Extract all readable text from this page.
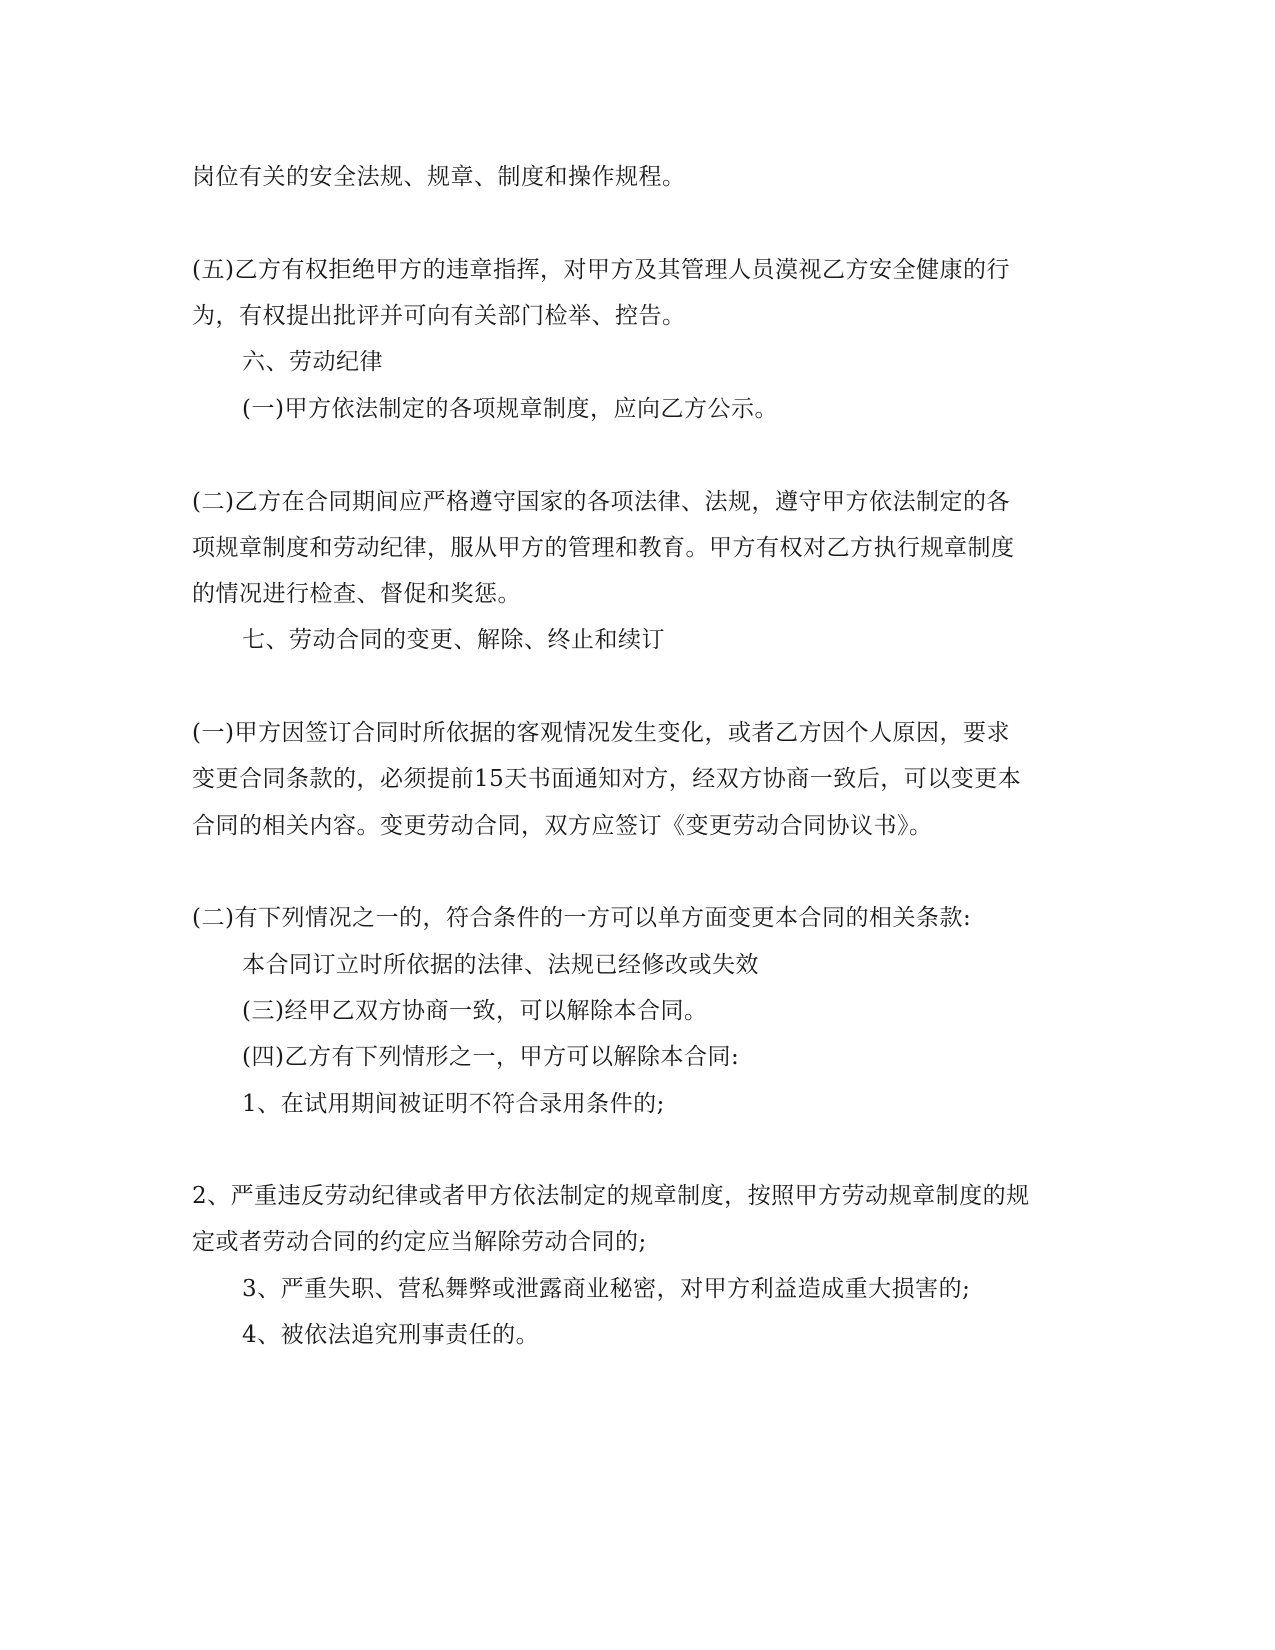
岗位有关的安全法规、规章、制度和操作规程。
(五)乙方有权拒绝甲方的违章指挥，对甲方及其管理人员漠视乙方安全健康的行
为，有权提出批评并可向有关部门检举、控告。
六、劳动纪律
(一)甲方依法制定的各项规章制度，应向乙方公示。
(二)乙方在合同期间应严格遵守国家的各项法律、法规，遵守甲方依法制定的各
项规章制度和劳动纪律，服从甲方的管理和教育。甲方有权对乙方执行规章制度
的情况进行检查、督促和奖惩。
七、劳动合同的变更、解除、终止和续订
(一)甲方因签订合同时所依据的客观情况发生变化，或者乙方因个人原因，要求
变更合同条款的，必须提前15天书面通知对方，经双方协商一致后，可以变更本
合同的相关内容。变更劳动合同，双方应签订《变更劳动合同协议书》。
(二)有下列情况之一的，符合条件的一方可以单方面变更本合同的相关条款:
本合同订立时所依据的法律、法规已经修改或失效
(三)经甲乙双方协商一致，可以解除本合同。
(四)乙方有下列情形之一，甲方可以解除本合同:
1、在试用期间被证明不符合录用条件的;
2、严重违反劳动纪律或者甲方依法制定的规章制度，按照甲方劳动规章制度的规
定或者劳动合同的约定应当解除劳动合同的;
3、严重失职、营私舞弊或泄露商业秘密，对甲方利益造成重大损害的;
4、被依法追究刑事责任的。
